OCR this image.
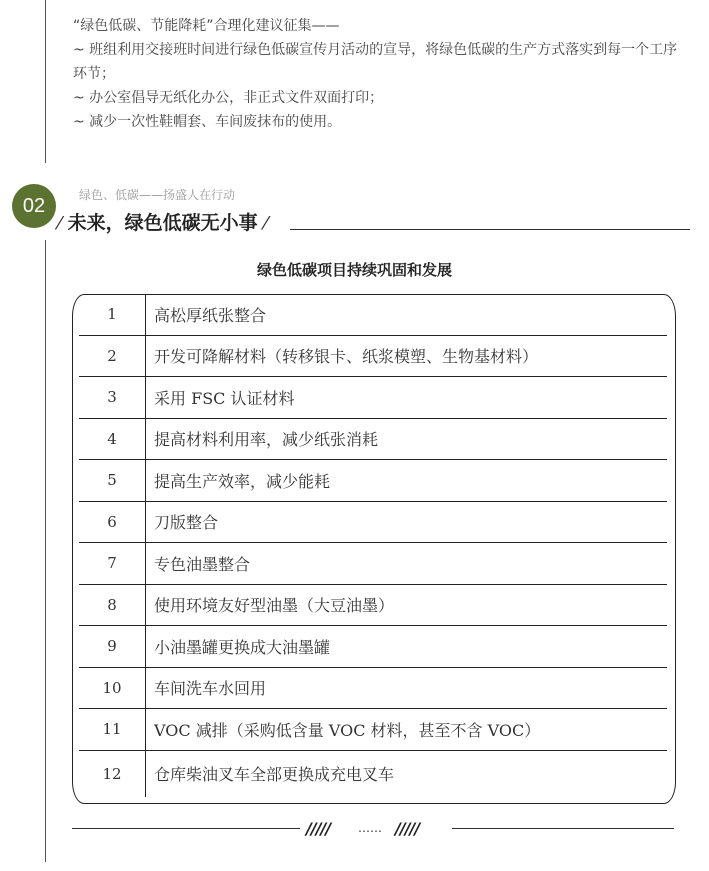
“绿色低碳、节能降耗”合理化建议征集——

~ 班组利用交接班时间进行绿色低碳宣传月活动的宣导，将绿色低碳的生产方式落实到每一个工序环节；

~ 办公室倡导无纸化办公，非正式文件双面打印；

~ 减少一次性鞋帽套、车间废抹布的使用。

02	绿色、低碳——扬盛人在行动
⁄ 未来，绿色低碳无小事 ⁄
绿色低碳项目持续巩固和发展
1	高松厚纸张整合
2	开发可降解材料（转移银卡、纸浆模塑、生物基材料）
3	采用 FSC 认证材料
4	提高材料利用率，减少纸张消耗
5	提高生产效率，减少能耗
6	刀版整合
7	专色油墨整合
8	使用环境友好型油墨（大豆油墨）
9	小油墨罐更换成大油墨罐
10	车间洗车水回用
11	VOC 减排（采购低含量 VOC 材料，甚至不含 VOC）
12	仓库柴油叉车全部更换成充电叉车
///// …… /////
